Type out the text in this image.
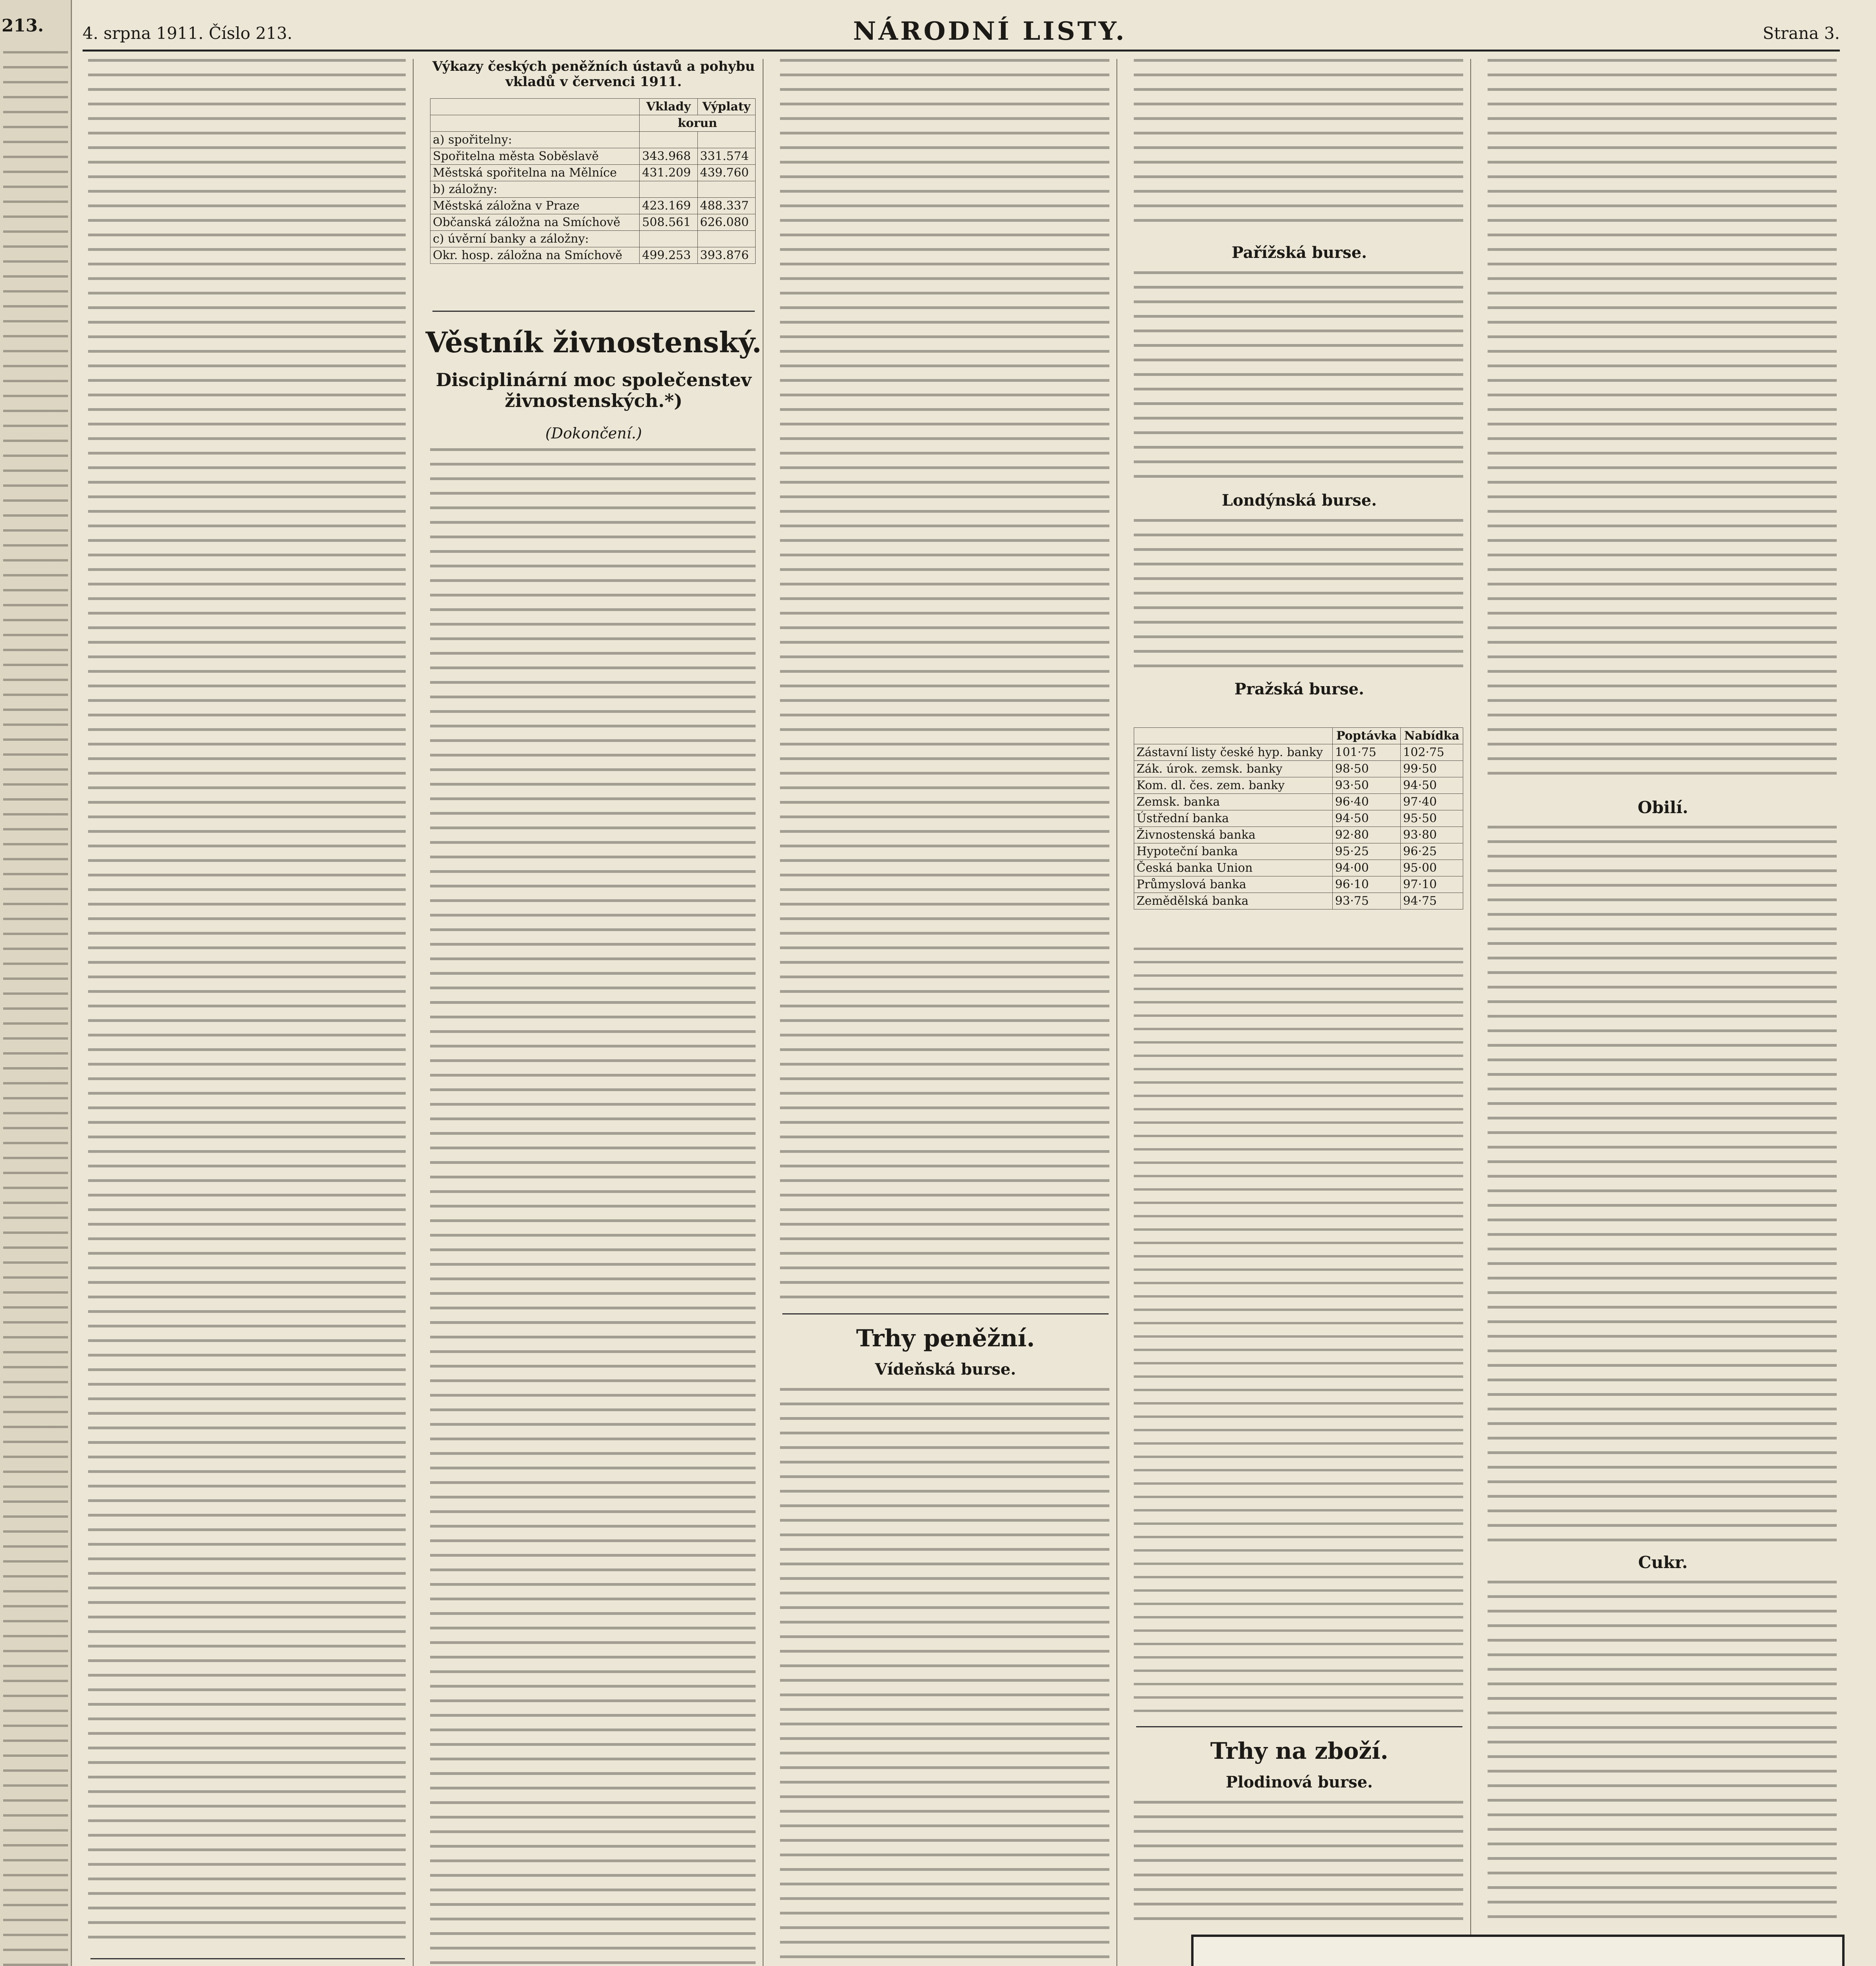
213. 4. srpna 1911. Číslo 213.	NÁRODNÍ LISTY.	Strana 3.
Výkazy českých peněžních ústavů a pohybu vkladů v červenci 1911.
	Vklady	Výplaty
	korun	
a) spořitelny:		
Spořitelna města Soběslavě	343.968	331.574
Městská spořitelna na Mělníce	431.209	439.760
b) záložny:		
Městská záložna v Praze	423.169	488.337
Občanská záložna na Smíchově	508.561	626.080
c) úvěrní banky a záložny:		
Okr. hosp. záložna na Smíchově	499.253	393.876
Věstník živnostenský.
Disciplinární moc společenstev živnostenských.*)
(Dokončení.)
Trhy peněžní.
Vídeňská burse.
Pařížská burse.
Londýnská burse.
Pražská burse.
	Poptávka	Nabídka
Zástavní listy české hyp. banky	101·75	102·75
Zák. úrok. zemsk. banky	98·50	99·50
Kom. dl. čes. zem. banky	93·50	94·50
Zemsk. banka	96·40	97·40
Ústřední banka	94·50	95·50
Živnostenská banka	92·80	93·80
Hypoteční banka	95·25	96·25
Česká banka Union	94·00	95·00
Průmyslová banka	96·10	97·10
Zemědělská banka	93·75	94·75
Trhy na zboží.
Plodinová burse.
Obilí.
Cukr.
